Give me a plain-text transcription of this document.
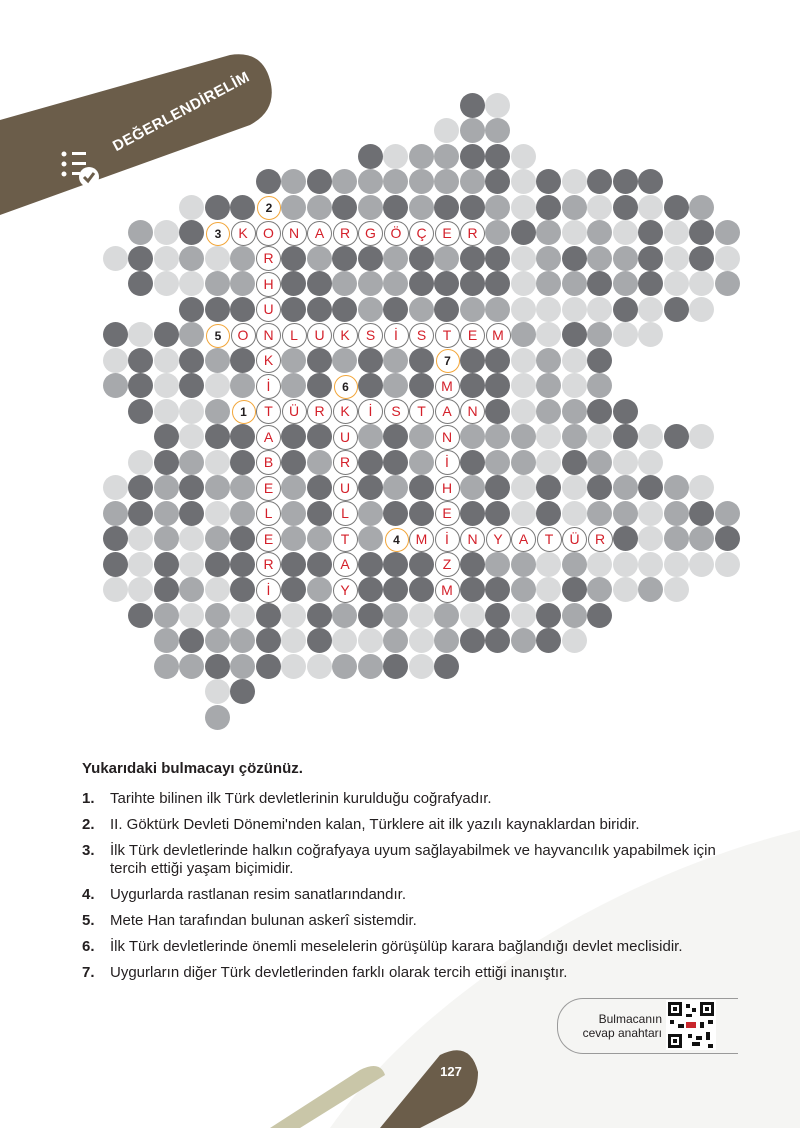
DEĞERLENDİRELİM
1	T	Ü	R	K	İ	S	T	A	N
2
O
R
H
U
N
K
İ
A
B
E
L
E
R
İ
3	K	N	A	R	G	Ö	Ç	E	R
4	M	İ	N	Y	A	T	Ü	R
5	O	L	U	K	S	İ	S	T	E	M
6
U
R
U
L
T
A
Y
7
M
N
İ
H
E
Z
M
Yukarıdaki bulmacayı çözünüz.
1. Tarihte bilinen ilk Türk devletlerinin kurulduğu coğrafyadır.
2. II. Göktürk Devleti Dönemi'nden kalan, Türklere ait ilk yazılı kaynaklardan biridir.
3. İlk Türk devletlerinde halkın coğrafyaya uyum sağlayabilmek ve hayvancılık yapabilmek için tercih ettiği yaşam biçimidir.
4. Uygurlarda rastlanan resim sanatlarındandır.
5. Mete Han tarafından bulunan askerî sistemdir.
6. İlk Türk devletlerinde önemli meselelerin görüşülüp karara bağlandığı devlet meclisidir.
7. Uygurların diğer Türk devletlerinden farklı olarak tercih ettiği inanıştır.
Bulmacanın
cevap anahtarı
127
